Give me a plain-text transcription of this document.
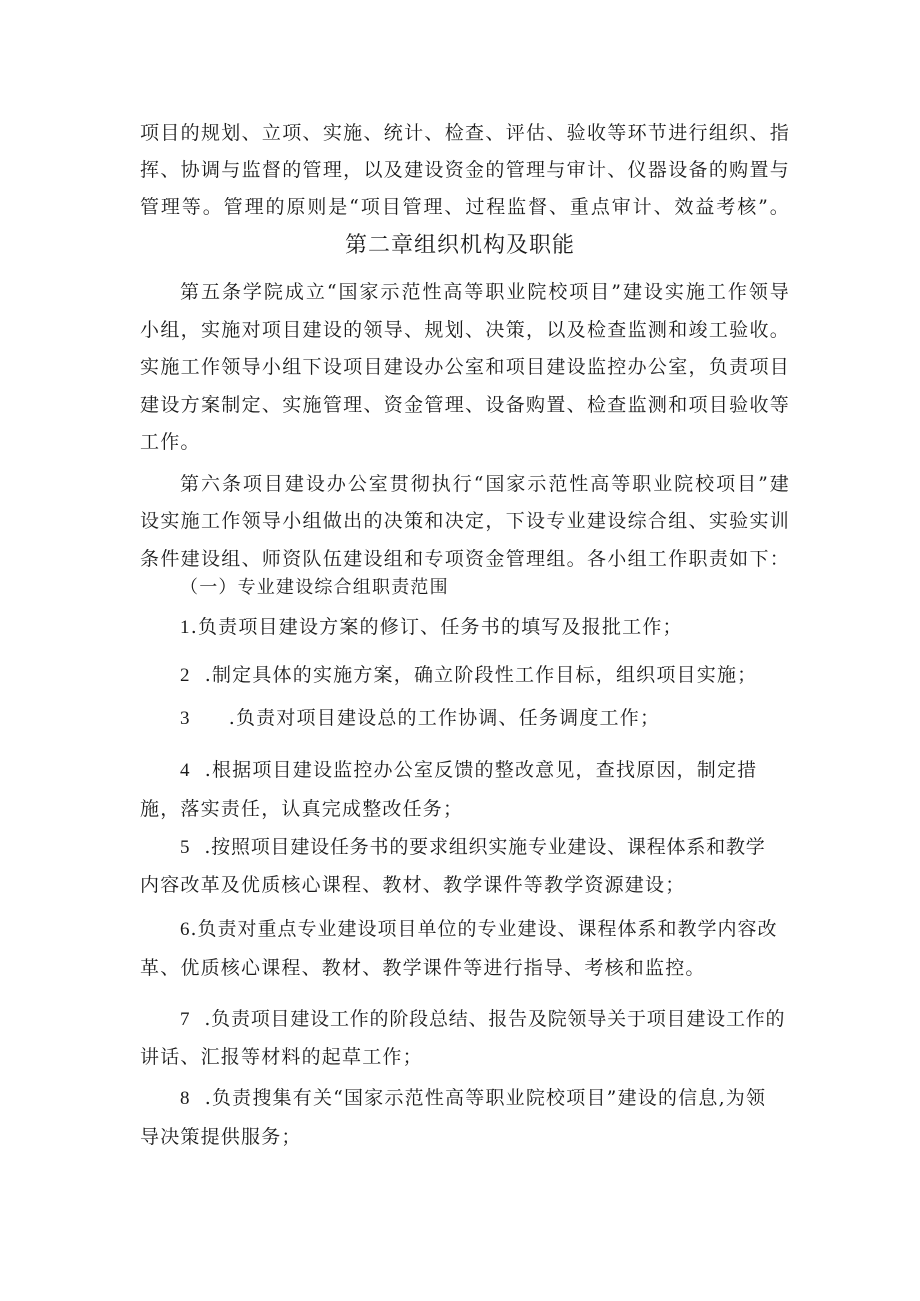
项目的规划、立项、实施、统计、检查、评估、验收等环节进行组织、指
挥、协调与监督的管理，以及建设资金的管理与审计、仪器设备的购置与
管理等。管理的原则是“项目管理、过程监督、重点审计、效益考核”。
第二章组织机构及职能
第五条学院成立“国家示范性高等职业院校项目”建设实施工作领导
小组，实施对项目建设的领导、规划、决策，以及检查监测和竣工验收。
实施工作领导小组下设项目建设办公室和项目建设监控办公室，负责项目
建设方案制定、实施管理、资金管理、设备购置、检查监测和项目验收等
工作。
第六条项目建设办公室贯彻执行“国家示范性高等职业院校项目”建
设实施工作领导小组做出的决策和决定，下设专业建设综合组、实验实训
条件建设组、师资队伍建设组和专项资金管理组。各小组工作职责如下：
（一）专业建设综合组职责范围
1.负责项目建设方案的修订、任务书的填写及报批工作；
2 .制定具体的实施方案，确立阶段性工作目标，组织项目实施；
3 .负责对项目建设总的工作协调、任务调度工作；
4 .根据项目建设监控办公室反馈的整改意见，查找原因，制定措
施，落实责任，认真完成整改任务；
5 .按照项目建设任务书的要求组织实施专业建设、课程体系和教学
内容改革及优质核心课程、教材、教学课件等教学资源建设；
6.负责对重点专业建设项目单位的专业建设、课程体系和教学内容改
革、优质核心课程、教材、教学课件等进行指导、考核和监控。
7 .负责项目建设工作的阶段总结、报告及院领导关于项目建设工作的
讲话、汇报等材料的起草工作；
8 .负责搜集有关“国家示范性高等职业院校项目”建设的信息,为领
导决策提供服务；
